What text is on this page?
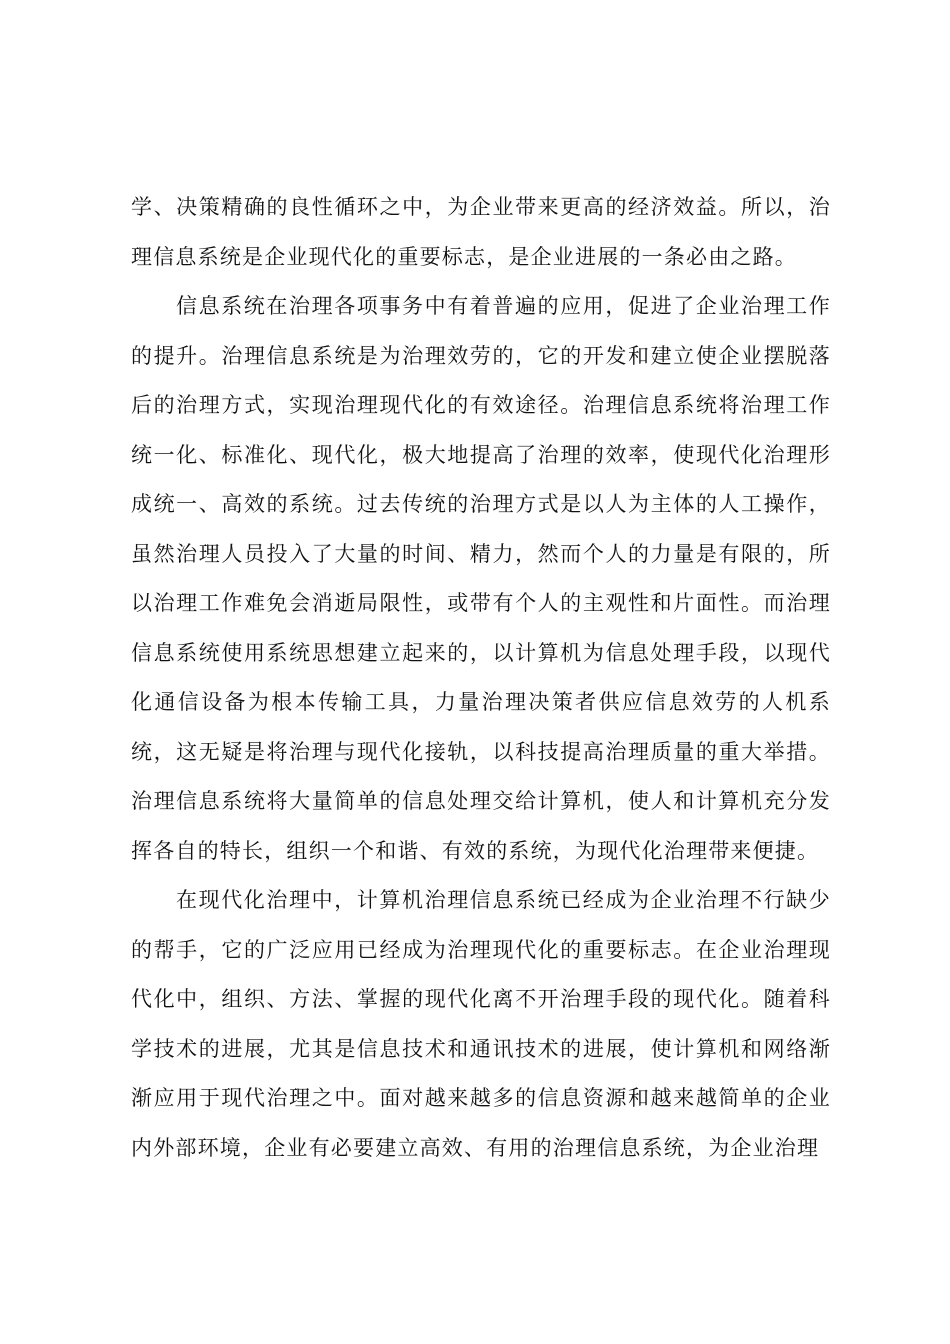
学、决策精确的良性循环之中，为企业带来更高的经济效益。所以，治理信息系统是企业现代化的重要标志，是企业进展的一条必由之路。

信息系统在治理各项事务中有着普遍的应用，促进了企业治理工作的提升。治理信息系统是为治理效劳的，它的开发和建立使企业摆脱落后的治理方式，实现治理现代化的有效途径。治理信息系统将治理工作统一化、标准化、现代化，极大地提高了治理的效率，使现代化治理形成统一、高效的系统。过去传统的治理方式是以人为主体的人工操作，虽然治理人员投入了大量的时间、精力，然而个人的力量是有限的，所以治理工作难免会消逝局限性，或带有个人的主观性和片面性。而治理信息系统使用系统思想建立起来的，以计算机为信息处理手段，以现代化通信设备为根本传输工具，力量治理决策者供应信息效劳的人机系统，这无疑是将治理与现代化接轨，以科技提高治理质量的重大举措。治理信息系统将大量简单的信息处理交给计算机，使人和计算机充分发挥各自的特长，组织一个和谐、有效的系统，为现代化治理带来便捷。

在现代化治理中，计算机治理信息系统已经成为企业治理不行缺少的帮手，它的广泛应用已经成为治理现代化的重要标志。在企业治理现代化中，组织、方法、掌握的现代化离不开治理手段的现代化。随着科学技术的进展，尤其是信息技术和通讯技术的进展，使计算机和网络渐渐应用于现代治理之中。面对越来越多的信息资源和越来越简单的企业内外部环境，企业有必要建立高效、有用的治理信息系统，为企业治理
